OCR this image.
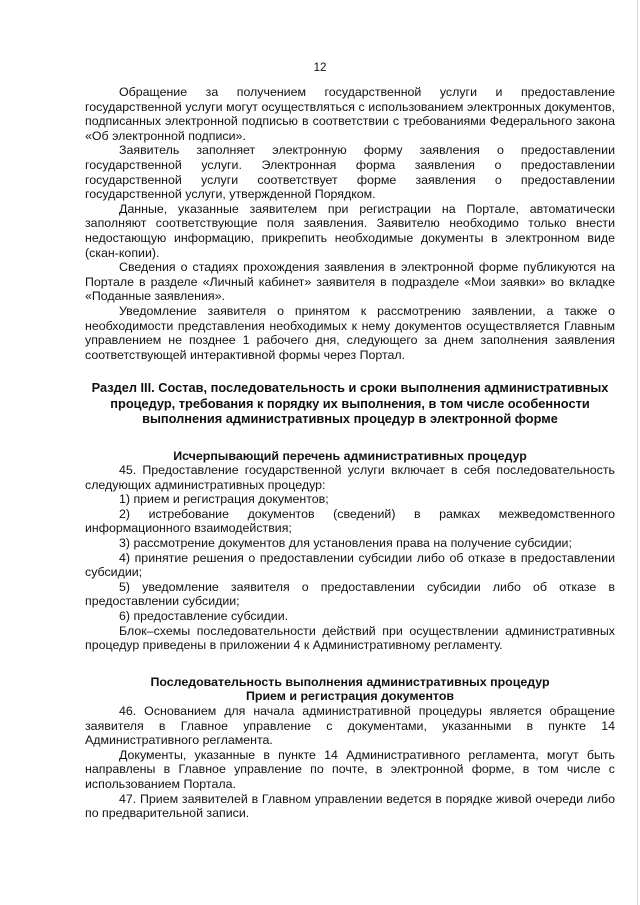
12

Обращение за получением государственной услуги и предоставление государственной услуги могут осуществляться с использованием электронных документов, подписанных электронной подписью в соответствии с требованиями Федерального закона «Об электронной подписи».

Заявитель заполняет электронную форму заявления о предоставлении государственной услуги. Электронная форма заявления о предоставлении государственной услуги соответствует форме заявления о предоставлении государственной услуги, утвержденной Порядком.

Данные, указанные заявителем при регистрации на Портале, автоматически заполняют соответствующие поля заявления. Заявителю необходимо только внести недостающую информацию, прикрепить необходимые документы в электронном виде (скан-копии).

Сведения о стадиях прохождения заявления в электронной форме публикуются на Портале в разделе «Личный кабинет» заявителя в подразделе «Мои заявки» во вкладке «Поданные заявления».

Уведомление заявителя о принятом к рассмотрению заявлении, а также о необходимости представления необходимых к нему документов осуществляется Главным управлением не позднее 1 рабочего дня, следующего за днем заполнения заявления соответствующей интерактивной формы через Портал.

Раздел III. Состав, последовательность и сроки выполнения административных процедур, требования к порядку их выполнения, в том числе особенности выполнения административных процедур в электронной форме

Исчерпывающий перечень административных процедур

45. Предоставление государственной услуги включает в себя последовательность следующих административных процедур:

1) прием и регистрация документов;

2) истребование документов (сведений) в рамках межведомственного информационного взаимодействия;

3) рассмотрение документов для установления права на получение субсидии;

4) принятие решения о предоставлении субсидии либо об отказе в предоставлении субсидии;

5) уведомление заявителя о предоставлении субсидии либо об отказе в предоставлении субсидии;

6) предоставление субсидии.

Блок–схемы последовательности действий при осуществлении административных процедур приведены в приложении 4 к Административному регламенту.

Последовательность выполнения административных процедур

Прием и регистрация документов

46. Основанием для начала административной процедуры является обращение заявителя в Главное управление с документами, указанными в пункте 14 Административного регламента.

Документы, указанные в пункте 14 Административного регламента, могут быть направлены в Главное управление по почте, в электронной форме, в том числе с использованием Портала.

47. Прием заявителей в Главном управлении ведется в порядке живой очереди либо по предварительной записи.
